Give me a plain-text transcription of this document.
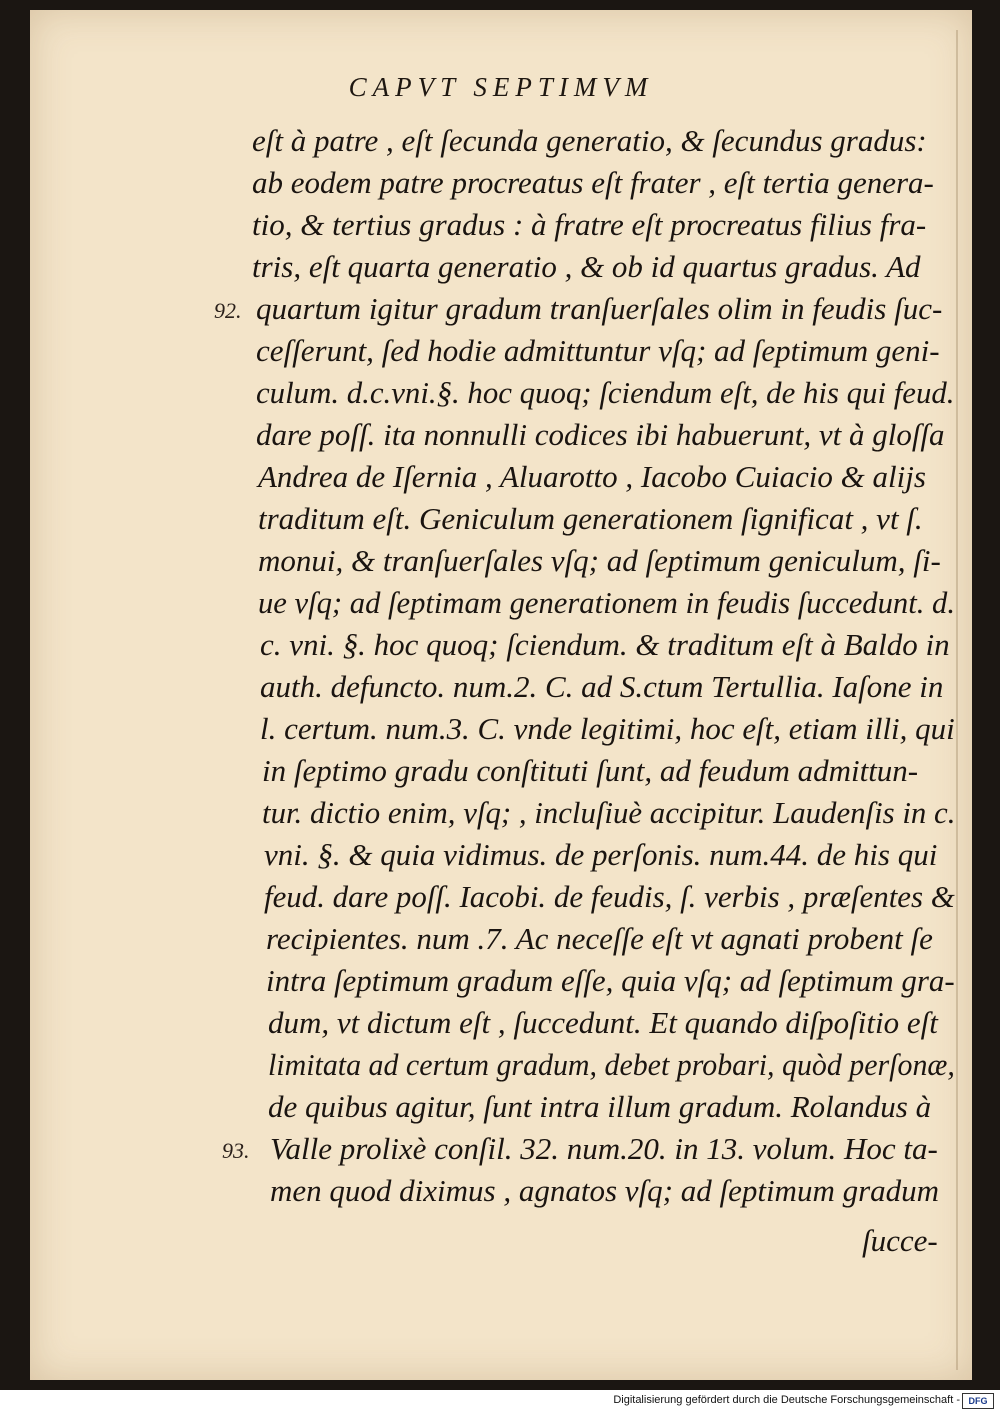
CAPVT SEPTIMVM
eſt à patre , eſt ſecunda generatio, & ſecundus gradus:
ab eodem patre procreatus eſt frater , eſt tertia genera-
tio, & tertius gradus : à fratre eſt procreatus filius fra-
tris, eſt quarta generatio , & ob id quartus gradus. Ad
quartum igitur gradum tranſuerſales olim in feudis ſuc-
ceſſerunt, ſed hodie admittuntur vſq; ad ſeptimum geni-
culum. d.c.vni.§. hoc quoq; ſciendum eſt, de his qui feud.
dare poſſ. ita nonnulli codices ibi habuerunt, vt à gloſſa
Andrea de Iſernia , Aluarotto , Iacobo Cuiacio & alijs
traditum eſt. Geniculum generationem ſignificat , vt ſ.
monui, & tranſuerſales vſq; ad ſeptimum geniculum, ſi-
ue vſq; ad ſeptimam generationem in feudis ſuccedunt. d.
c. vni. §. hoc quoq; ſciendum. & traditum eſt à Baldo in
auth. defuncto. num.2. C. ad S.ctum Tertullia. Iaſone in
l. certum. num.3. C. vnde legitimi, hoc eſt, etiam illi, qui
in ſeptimo gradu conſtituti ſunt, ad feudum admittun-
tur. dictio enim, vſq; , incluſiuè accipitur. Laudenſis in c.
vni. §. & quia vidimus. de perſonis. num.44. de his qui
feud. dare poſſ. Iacobi. de feudis, ſ. verbis , præſentes &
recipientes. num .7. Ac neceſſe eſt vt agnati probent ſe
intra ſeptimum gradum eſſe, quia vſq; ad ſeptimum gra-
dum, vt dictum eſt , ſuccedunt. Et quando diſpoſitio eſt
limitata ad certum gradum, debet probari, quòd perſonæ,
de quibus agitur, ſunt intra illum gradum. Rolandus à
Valle prolixè conſil. 32. num.20. in 13. volum. Hoc ta-
men quod diximus , agnatos vſq; ad ſeptimum gradum
ſucce-
92.
93.
Digitalisierung gefördert durch die Deutsche Forschungsgemeinschaft - DFG
